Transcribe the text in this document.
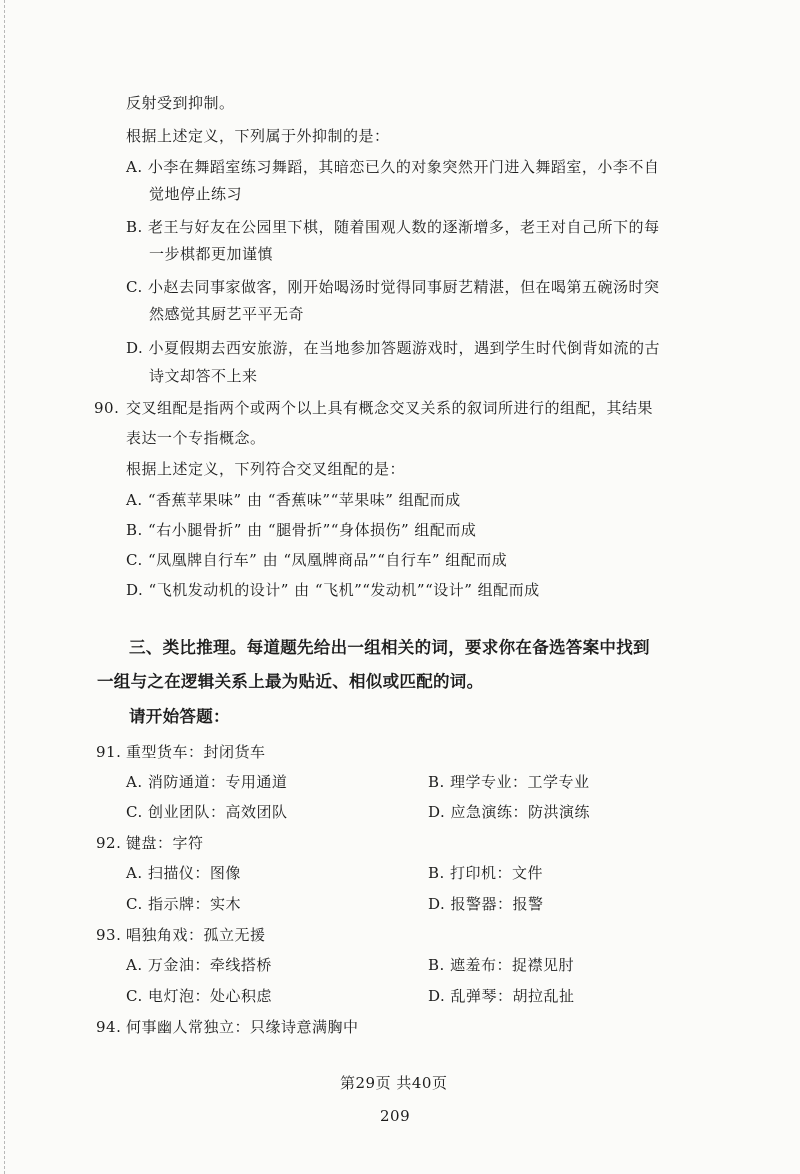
反射受到抑制。
根据上述定义，下列属于外抑制的是：
A. 小李在舞蹈室练习舞蹈，其暗恋已久的对象突然开门进入舞蹈室，小李不自
觉地停止练习
B. 老王与好友在公园里下棋，随着围观人数的逐渐增多，老王对自己所下的每
一步棋都更加谨慎
C. 小赵去同事家做客，刚开始喝汤时觉得同事厨艺精湛，但在喝第五碗汤时突
然感觉其厨艺平平无奇
D. 小夏假期去西安旅游，在当地参加答题游戏时，遇到学生时代倒背如流的古
诗文却答不上来
90. 交叉组配是指两个或两个以上具有概念交叉关系的叙词所进行的组配，其结果
表达一个专指概念。
根据上述定义，下列符合交叉组配的是：
A. “香蕉苹果味” 由 “香蕉味”“苹果味” 组配而成
B. “右小腿骨折” 由 “腿骨折”“身体损伤” 组配而成
C. “凤凰牌自行车” 由 “凤凰牌商品”“自行车” 组配而成
D. “飞机发动机的设计” 由 “飞机”“发动机”“设计” 组配而成
三、类比推理。每道题先给出一组相关的词，要求你在备选答案中找到
一组与之在逻辑关系上最为贴近、相似或匹配的词。
请开始答题：
91. 重型货车：封闭货车
A. 消防通道：专用通道	B. 理学专业：工学专业
C. 创业团队：高效团队	D. 应急演练：防洪演练
92. 键盘：字符
A. 扫描仪：图像	B. 打印机：文件
C. 指示牌：实木	D. 报警器：报警
93. 唱独角戏：孤立无援
A. 万金油：牵线搭桥	B. 遮羞布：捉襟见肘
C. 电灯泡：处心积虑	D. 乱弹琴：胡拉乱扯
94. 何事幽人常独立：只缘诗意满胸中
第29页 共40页
209
